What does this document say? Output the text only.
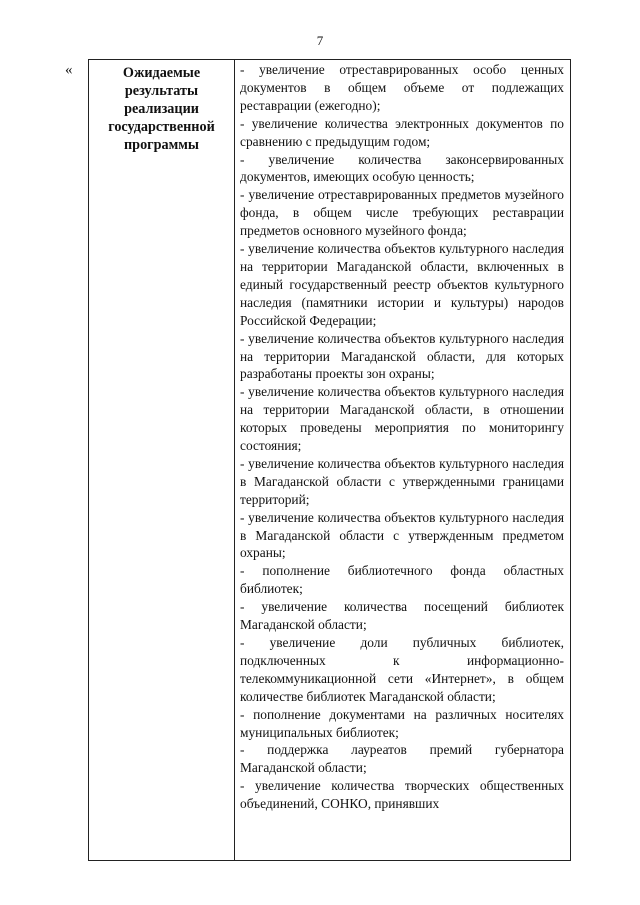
7
«	Ожидаемые результаты реализации государственной программы
- увеличение отреставрированных особо ценных документов в общем объеме от подлежащих реставрации (ежегодно);
- увеличение количества электронных документов по сравнению с предыдущим годом;
- увеличение количества законсервированных документов, имеющих особую ценность;
- увеличение отреставрированных предметов музейного фонда, в общем числе требующих реставрации предметов основного музейного фонда;
- увеличение количества объектов культурного наследия на территории Магаданской области, включенных в единый государственный реестр объектов культурного наследия (памятники истории и культуры) народов Российской Федерации;
- увеличение количества объектов культурного наследия на территории Магаданской области, для которых разработаны проекты зон охраны;
- увеличение количества объектов культурного наследия на территории Магаданской области, в отношении которых проведены мероприятия по мониторингу состояния;
- увеличение количества объектов культурного наследия в Магаданской области с утвержденными границами территорий;
- увеличение количества объектов культурного наследия в Магаданской области с утвержденным предметом охраны;
- пополнение библиотечного фонда областных библиотек;
- увеличение количества посещений библиотек Магаданской области;
- увеличение доли публичных библиотек, подключенных к информационно-телекоммуникационной сети «Интернет», в общем количестве библиотек Магаданской области;
- пополнение документами на различных носителях муниципальных библиотек;
- поддержка лауреатов премий губернатора Магаданской области;
- увеличение количества творческих общественных объединений, СОНКО, принявших
